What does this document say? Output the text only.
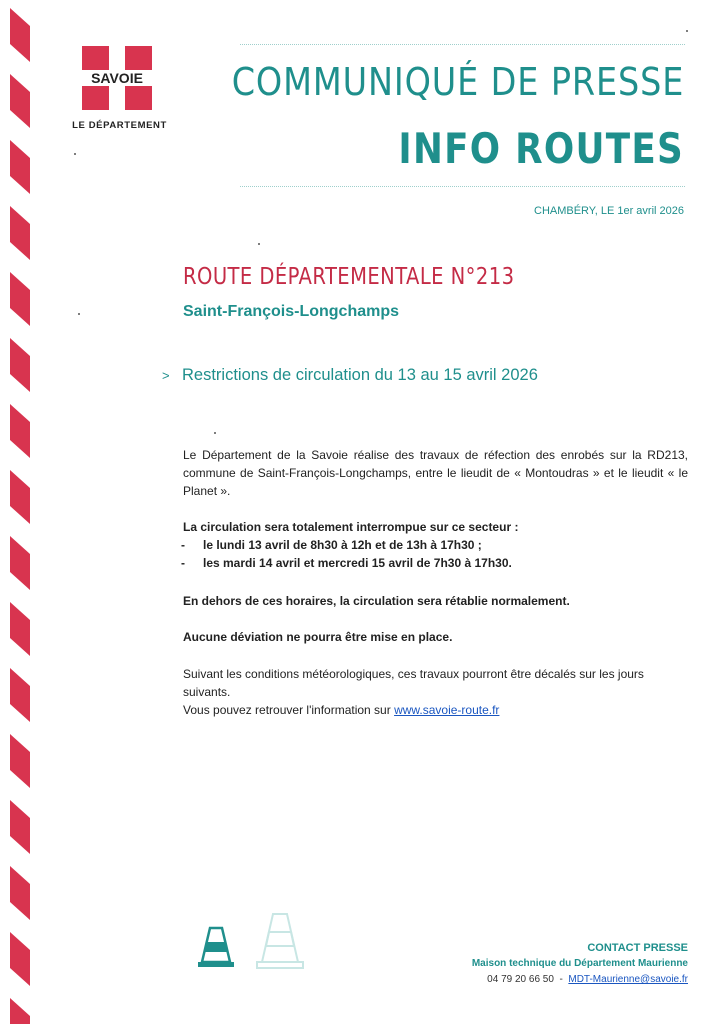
SAVOIE
LE DÉPARTEMENT
COMMUNIQUÉ DE PRESSE
INFO ROUTES
CHAMBÉRY, LE 1er avril 2026
ROUTE DÉPARTEMENTALE N°213
Saint-François-Longchamps
> Restrictions de circulation du 13 au 15 avril 2026
Le Département de la Savoie réalise des travaux de réfection des enrobés sur la RD213, commune de Saint-François-Longchamps, entre le lieudit de « Montoudras » et le lieudit « le Planet ».
La circulation sera totalement interrompue sur ce secteur :
- le lundi 13 avril de 8h30 à 12h et de 13h à 17h30 ;
- les mardi 14 avril et mercredi 15 avril de 7h30 à 17h30.
En dehors de ces horaires, la circulation sera rétablie normalement.
Aucune déviation ne pourra être mise en place.
Suivant les conditions météorologiques, ces travaux pourront être décalés sur les jours suivants.
Vous pouvez retrouver l'information sur www.savoie-route.fr
CONTACT PRESSE
Maison technique du Département Maurienne
04 79 20 66 50  -  MDT-Maurienne@savoie.fr
